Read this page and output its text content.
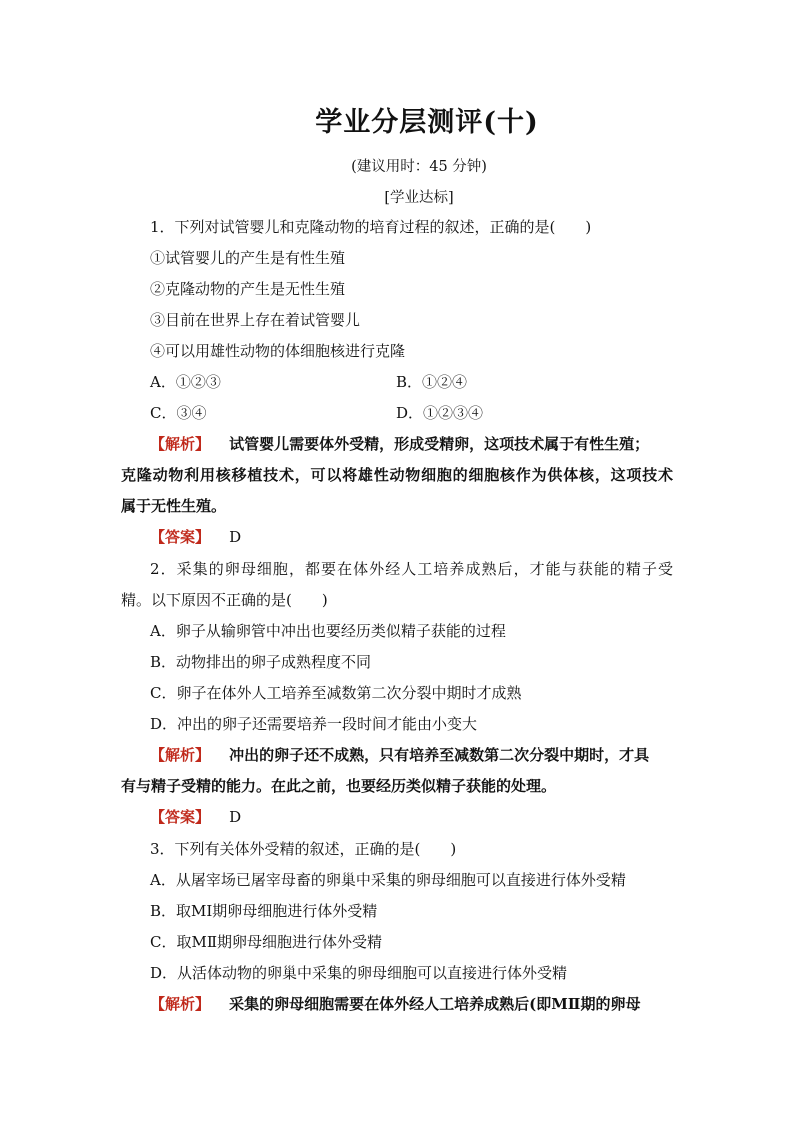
学业分层测评(十)
(建议用时：45 分钟)
[学业达标]
1．下列对试管婴儿和克隆动物的培育过程的叙述，正确的是(　　)
①试管婴儿的产生是有性生殖
②克隆动物的产生是无性生殖
③目前在世界上存在着试管婴儿
④可以用雄性动物的体细胞核进行克隆
A．①②③	B．①②④
C．③④	D．①②③④
【解析】 试管婴儿需要体外受精，形成受精卵，这项技术属于有性生殖；
克隆动物利用核移植技术，可以将雄性动物细胞的细胞核作为供体核，这项技术
属于无性生殖。
【答案】 D
2．采集的卵母细胞，都要在体外经人工培养成熟后，才能与获能的精子受
精。以下原因不正确的是(　　)
A．卵子从输卵管中冲出也要经历类似精子获能的过程
B．动物排出的卵子成熟程度不同
C．卵子在体外人工培养至减数第二次分裂中期时才成熟
D．冲出的卵子还需要培养一段时间才能由小变大
【解析】 冲出的卵子还不成熟，只有培养至减数第二次分裂中期时，才具
有与精子受精的能力。在此之前，也要经历类似精子获能的处理。
【答案】 D
3．下列有关体外受精的叙述，正确的是(　　)
A．从屠宰场已屠宰母畜的卵巢中采集的卵母细胞可以直接进行体外受精
B．取MⅠ期卵母细胞进行体外受精
C．取MⅡ期卵母细胞进行体外受精
D．从活体动物的卵巢中采集的卵母细胞可以直接进行体外受精
【解析】 采集的卵母细胞需要在体外经人工培养成熟后(即MⅡ期的卵母
